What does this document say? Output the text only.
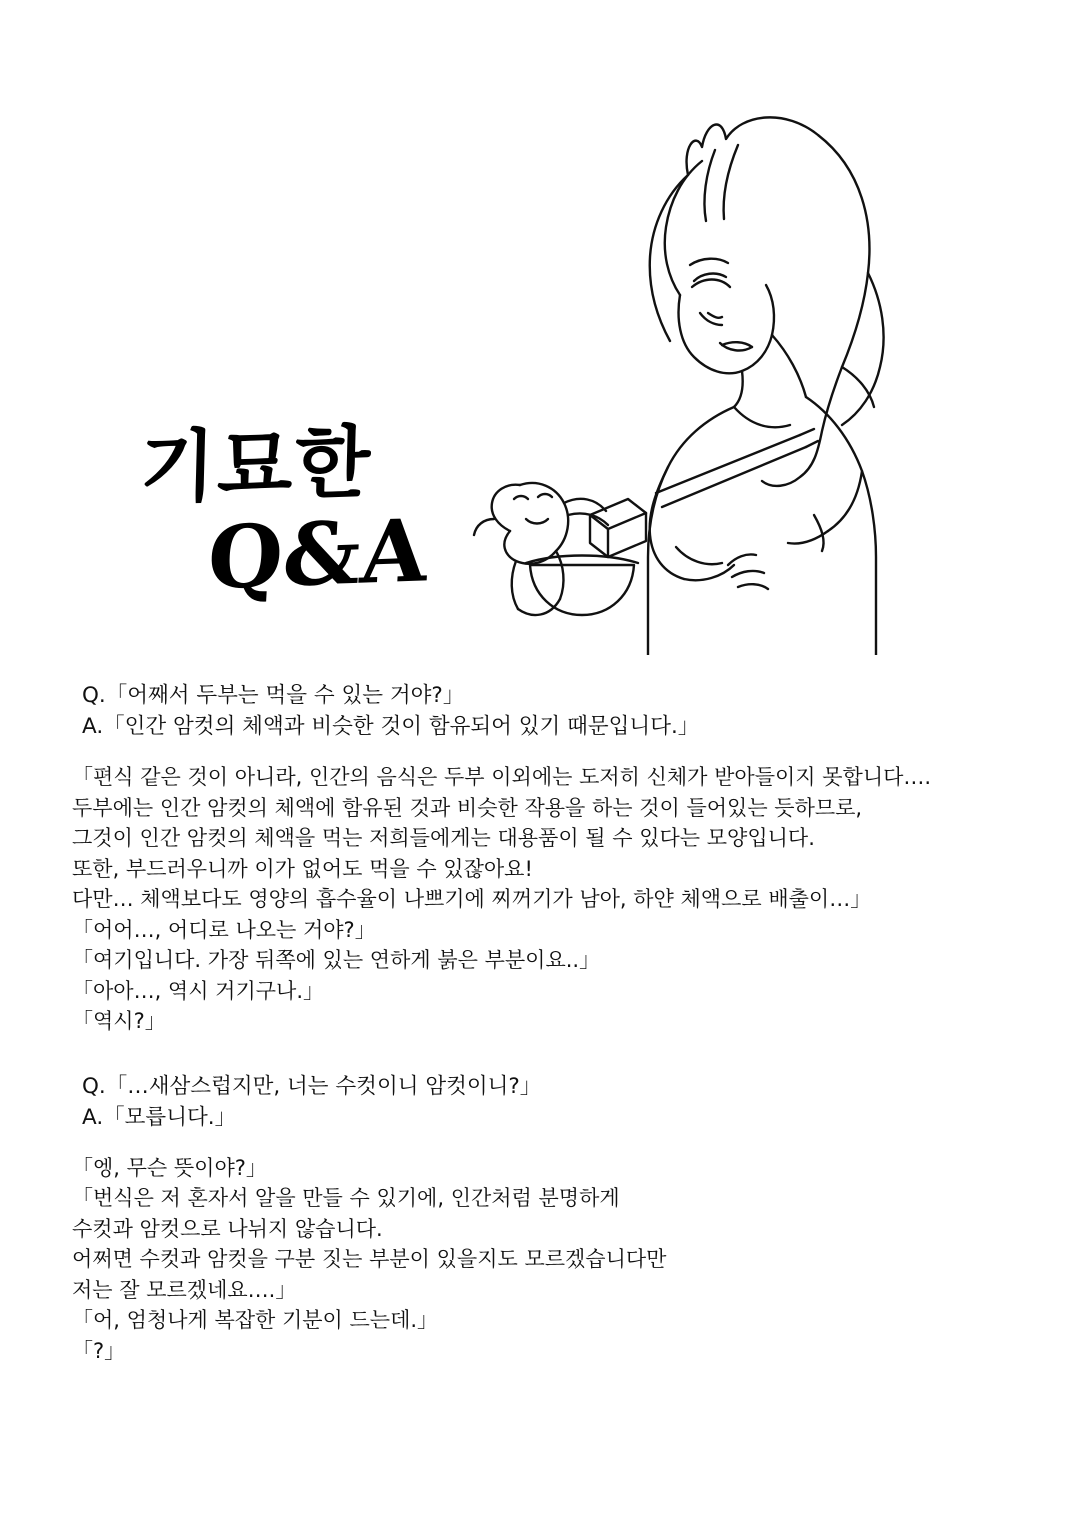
기묘한
Q&A
Q.「어째서 두부는 먹을 수 있는 거야?」
A.「인간 암컷의 체액과 비슷한 것이 함유되어 있기 때문입니다.」
「편식 같은 것이 아니라, 인간의 음식은 두부 이외에는 도저히 신체가 받아들이지 못합니다….
두부에는 인간 암컷의 체액에 함유된 것과 비슷한 작용을 하는 것이 들어있는 듯하므로,
그것이 인간 암컷의 체액을 먹는 저희들에게는 대용품이 될 수 있다는 모양입니다.
또한, 부드러우니까 이가 없어도 먹을 수 있잖아요!
다만… 체액보다도 영양의 흡수율이 나쁘기에 찌꺼기가 남아, 하얀 체액으로 배출이…」
「어어…, 어디로 나오는 거야?」
「여기입니다. 가장 뒤쪽에 있는 연하게 붉은 부분이요..」
「아아…, 역시 거기구나.」
「역시?」
Q.「…새삼스럽지만, 너는 수컷이니 암컷이니?」
A.「모릅니다.」
「엥, 무슨 뜻이야?」
「번식은 저 혼자서 알을 만들 수 있기에, 인간처럼 분명하게
수컷과 암컷으로 나뉘지 않습니다.
어쩌면 수컷과 암컷을 구분 짓는 부분이 있을지도 모르겠습니다만
저는 잘 모르겠네요….」
「어, 엄청나게 복잡한 기분이 드는데.」
「?」
